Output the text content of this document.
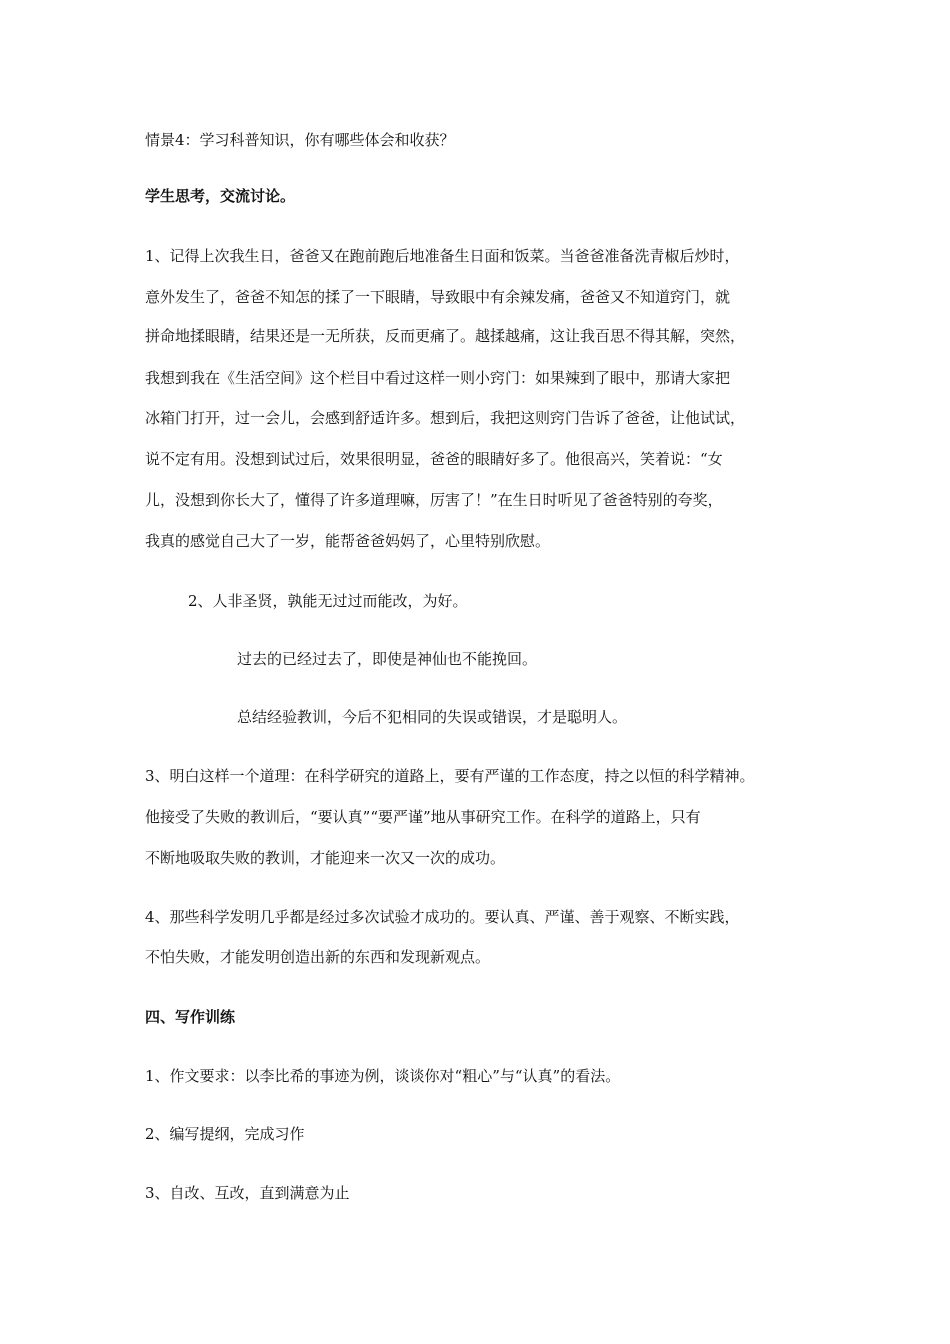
情景4：学习科普知识，你有哪些体会和收获？
学生思考，交流讨论。
1、记得上次我生日，爸爸又在跑前跑后地准备生日面和饭菜。当爸爸准备洗青椒后炒时，
意外发生了，爸爸不知怎的揉了一下眼睛，导致眼中有余辣发痛，爸爸又不知道窍门，就
拼命地揉眼睛，结果还是一无所获，反而更痛了。越揉越痛，这让我百思不得其解，突然，
我想到我在《生活空间》这个栏目中看过这样一则小窍门：如果辣到了眼中，那请大家把
冰箱门打开，过一会儿，会感到舒适许多。想到后，我把这则窍门告诉了爸爸，让他试试，
说不定有用。没想到试过后，效果很明显，爸爸的眼睛好多了。他很高兴，笑着说：“女
儿，没想到你长大了，懂得了许多道理嘛，厉害了！”在生日时听见了爸爸特别的夸奖，
我真的感觉自己大了一岁，能帮爸爸妈妈了，心里特别欣慰。
2、人非圣贤，孰能无过过而能改，为好。
过去的已经过去了，即使是神仙也不能挽回。
总结经验教训，今后不犯相同的失误或错误，才是聪明人。
3、明白这样一个道理：在科学研究的道路上，要有严谨的工作态度，持之以恒的科学精神。
他接受了失败的教训后，“要认真”“要严谨”地从事研究工作。在科学的道路上，只有
不断地吸取失败的教训，才能迎来一次又一次的成功。
4、那些科学发明几乎都是经过多次试验才成功的。要认真、严谨、善于观察、不断实践，
不怕失败，才能发明创造出新的东西和发现新观点。
四、写作训练
1、作文要求：以李比希的事迹为例，谈谈你对“粗心”与“认真”的看法。
2、编写提纲，完成习作
3、自改、互改，直到满意为止
